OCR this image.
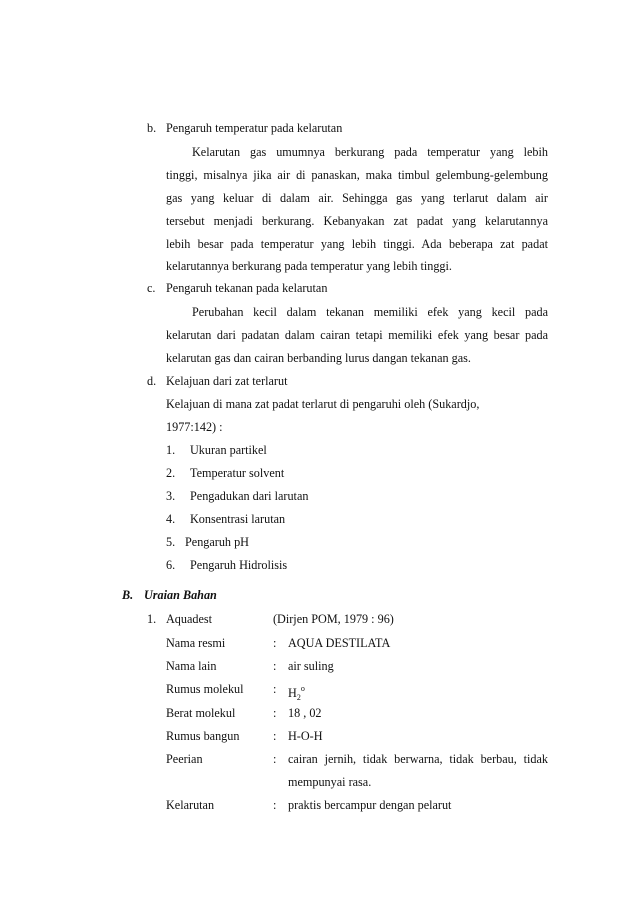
b. Pengaruh temperatur pada kelarutan
Kelarutan gas umumnya berkurang pada temperatur yang lebih
tinggi, misalnya jika air di panaskan, maka timbul gelembung-gelembung
gas yang keluar di dalam air. Sehingga gas yang terlarut dalam air
tersebut menjadi berkurang. Kebanyakan zat padat yang kelarutannya
lebih besar pada temperatur yang lebih tinggi. Ada beberapa zat padat
kelarutannya berkurang pada temperatur yang lebih tinggi.
c. Pengaruh tekanan pada kelarutan
Perubahan kecil dalam tekanan memiliki efek yang kecil pada
kelarutan dari padatan dalam cairan tetapi memiliki efek yang besar pada
kelarutan gas dan cairan berbanding lurus dangan tekanan gas.
d. Kelajuan dari zat terlarut
Kelajuan di mana zat padat terlarut di pengaruhi oleh (Sukardjo,
1977:142) :
1. Ukuran partikel
2. Temperatur solvent
3. Pengadukan dari larutan
4. Konsentrasi larutan
5. Pengaruh pH
6. Pengaruh Hidrolisis
B. Uraian Bahan
1. Aquadest	(Dirjen POM, 1979 : 96)
Nama resmi	: AQUA DESTILATA
Nama lain	: air suling
Rumus molekul : $H_2^o$
Berat molekul	: 18 , 02
Rumus bangun	: H-O-H
Peerian	: cairan jernih, tidak berwarna, tidak berbau, tidak
mempunyai rasa.
Kelarutan	: praktis bercampur dengan pelarut
